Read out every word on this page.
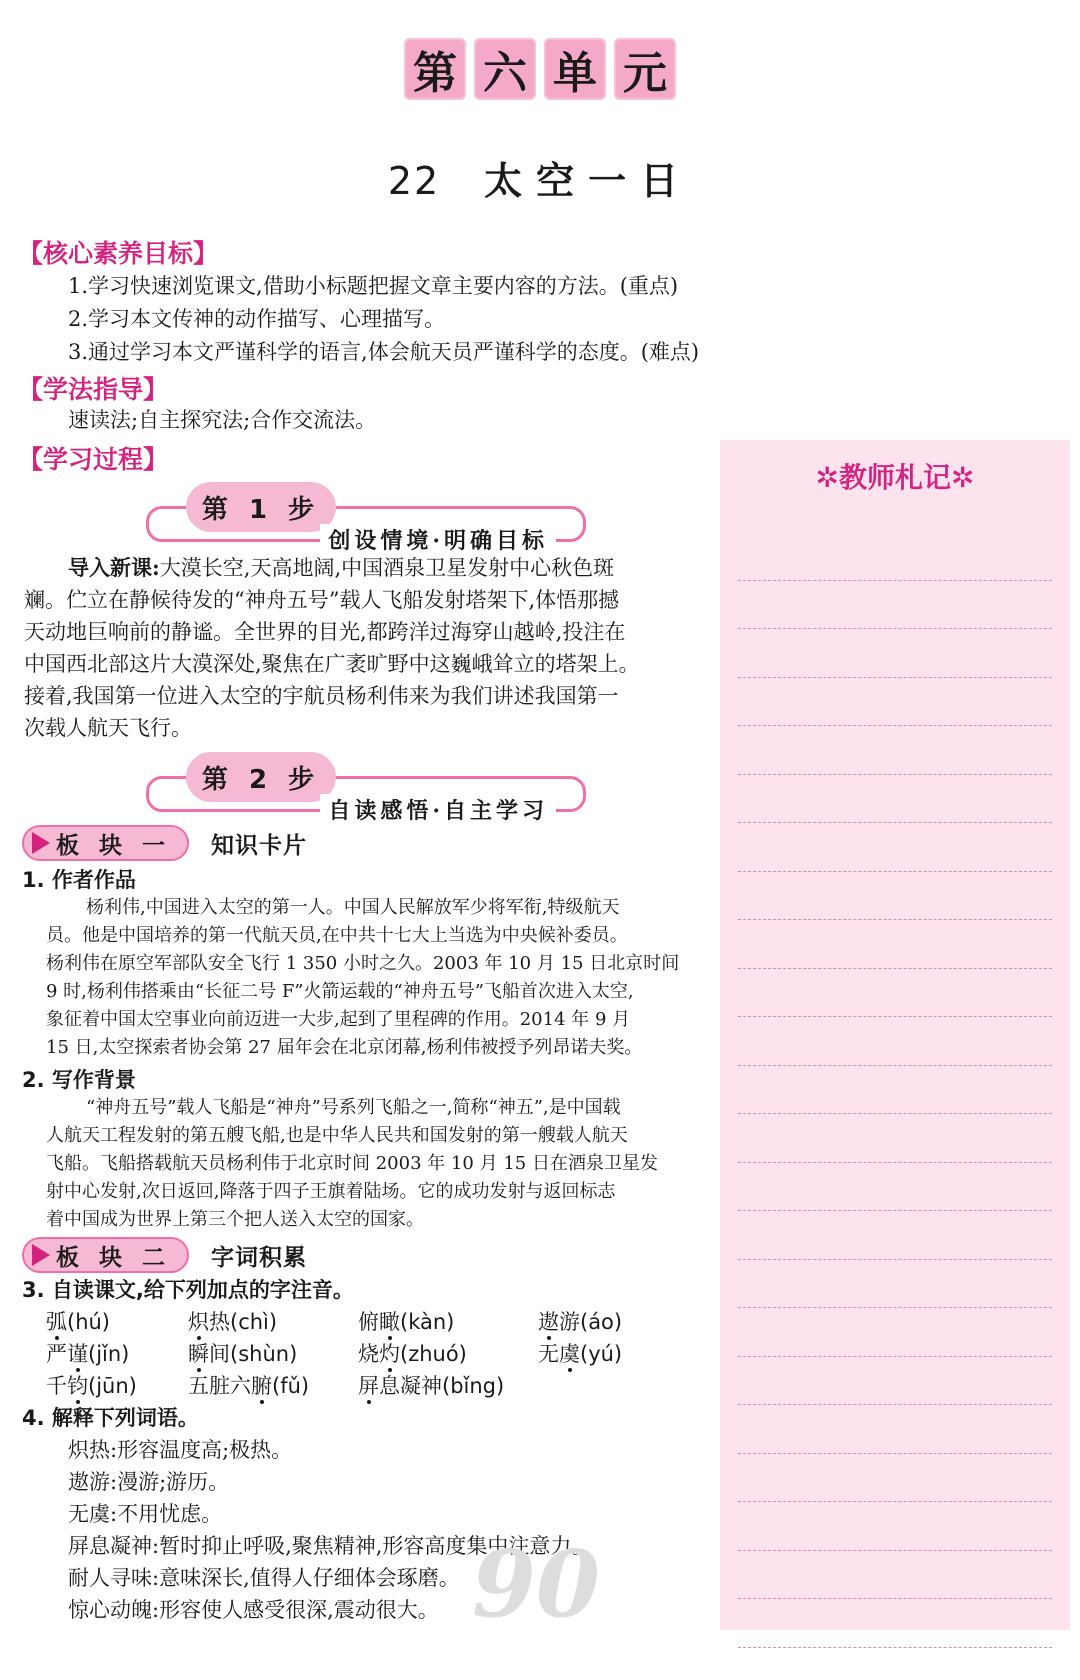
第 六 单 元
22 太空一日
【核心素养目标】
1.学习快速浏览课文,借助小标题把握文章主要内容的方法。(重点)
2.学习本文传神的动作描写、心理描写。
3.通过学习本文严谨科学的语言,体会航天员严谨科学的态度。(难点)
【学法指导】
速读法;自主探究法;合作交流法。
【学习过程】
✲教师札记✲
第 1 步
创设情境·明确目标
导入新课:大漠长空,天高地阔,中国酒泉卫星发射中心秋色斑
斓。伫立在静候待发的“神舟五号”载人飞船发射塔架下,体悟那撼
天动地巨响前的静谧。全世界的目光,都跨洋过海穿山越岭,投注在
中国西北部这片大漠深处,聚焦在广袤旷野中这巍峨耸立的塔架上。
接着,我国第一位进入太空的宇航员杨利伟来为我们讲述我国第一
次载人航天飞行。
第 2 步
自读感悟·自主学习
板 块 一 知识卡片
1. 作者作品
杨利伟,中国进入太空的第一人。中国人民解放军少将军衔,特级航天
员。他是中国培养的第一代航天员,在中共十七大上当选为中央候补委员。
杨利伟在原空军部队安全飞行 1 350 小时之久。2003 年 10 月 15 日北京时间
9 时,杨利伟搭乘由“长征二号 F”火箭运载的“神舟五号”飞船首次进入太空,
象征着中国太空事业向前迈进一大步,起到了里程碑的作用。2014 年 9 月
15 日,太空探索者协会第 27 届年会在北京闭幕,杨利伟被授予列昂诺夫奖。
2. 写作背景
“神舟五号”载人飞船是“神舟”号系列飞船之一,简称“神五”,是中国载
人航天工程发射的第五艘飞船,也是中华人民共和国发射的第一艘载人航天
飞船。飞船搭载航天员杨利伟于北京时间 2003 年 10 月 15 日在酒泉卫星发
射中心发射,次日返回,降落于四子王旗着陆场。它的成功发射与返回标志
着中国成为世界上第三个把人送入太空的国家。
板 块 二 字词积累
3. 自读课文,给下列加点的字注音。
弧(hú)	炽热(chì)	俯瞰(kàn)	遨游(áo)
严谨(jǐn)	瞬间(shùn)	烧灼(zhuó)	无虞(yú)
千钧(jūn) 五脏六腑(fǔ) 屏息凝神(bǐng)
4. 解释下列词语。
炽热:形容温度高;极热。
遨游:漫游;游历。
无虞:不用忧虑。
屏息凝神:暂时抑止呼吸,聚焦精神,形容高度集中注意力。
耐人寻味:意味深长,值得人仔细体会琢磨。
惊心动魄:形容使人感受很深,震动很大。 90
